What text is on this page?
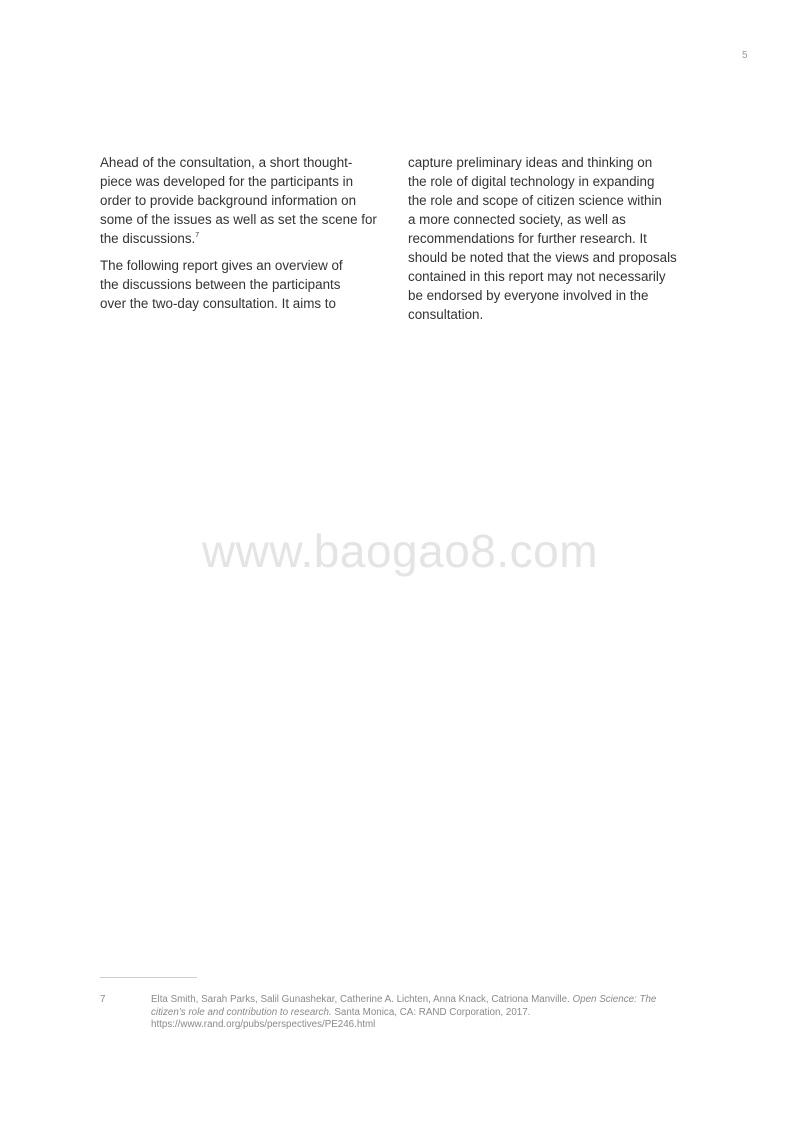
5

Ahead of the consultation, a short thought-
piece was developed for the participants in
order to provide background information on
some of the issues as well as set the scene for
the discussions.$^7$

The following report gives an overview of
the discussions between the participants
over the two-day consultation. It aims to

capture preliminary ideas and thinking on
the role of digital technology in expanding
the role and scope of citizen science within
a more connected society, as well as
recommendations for further research. It
should be noted that the views and proposals
contained in this report may not necessarily
be endorsed by everyone involved in the
consultation.

www.baogao8.com
7	Elta Smith, Sarah Parks, Salil Gunashekar, Catherine A. Lichten, Anna Knack, Catriona Manville. Open Science: The
citizen’s role and contribution to research. Santa Monica, CA: RAND Corporation, 2017.
https://www.rand.org/pubs/perspectives/PE246.html
